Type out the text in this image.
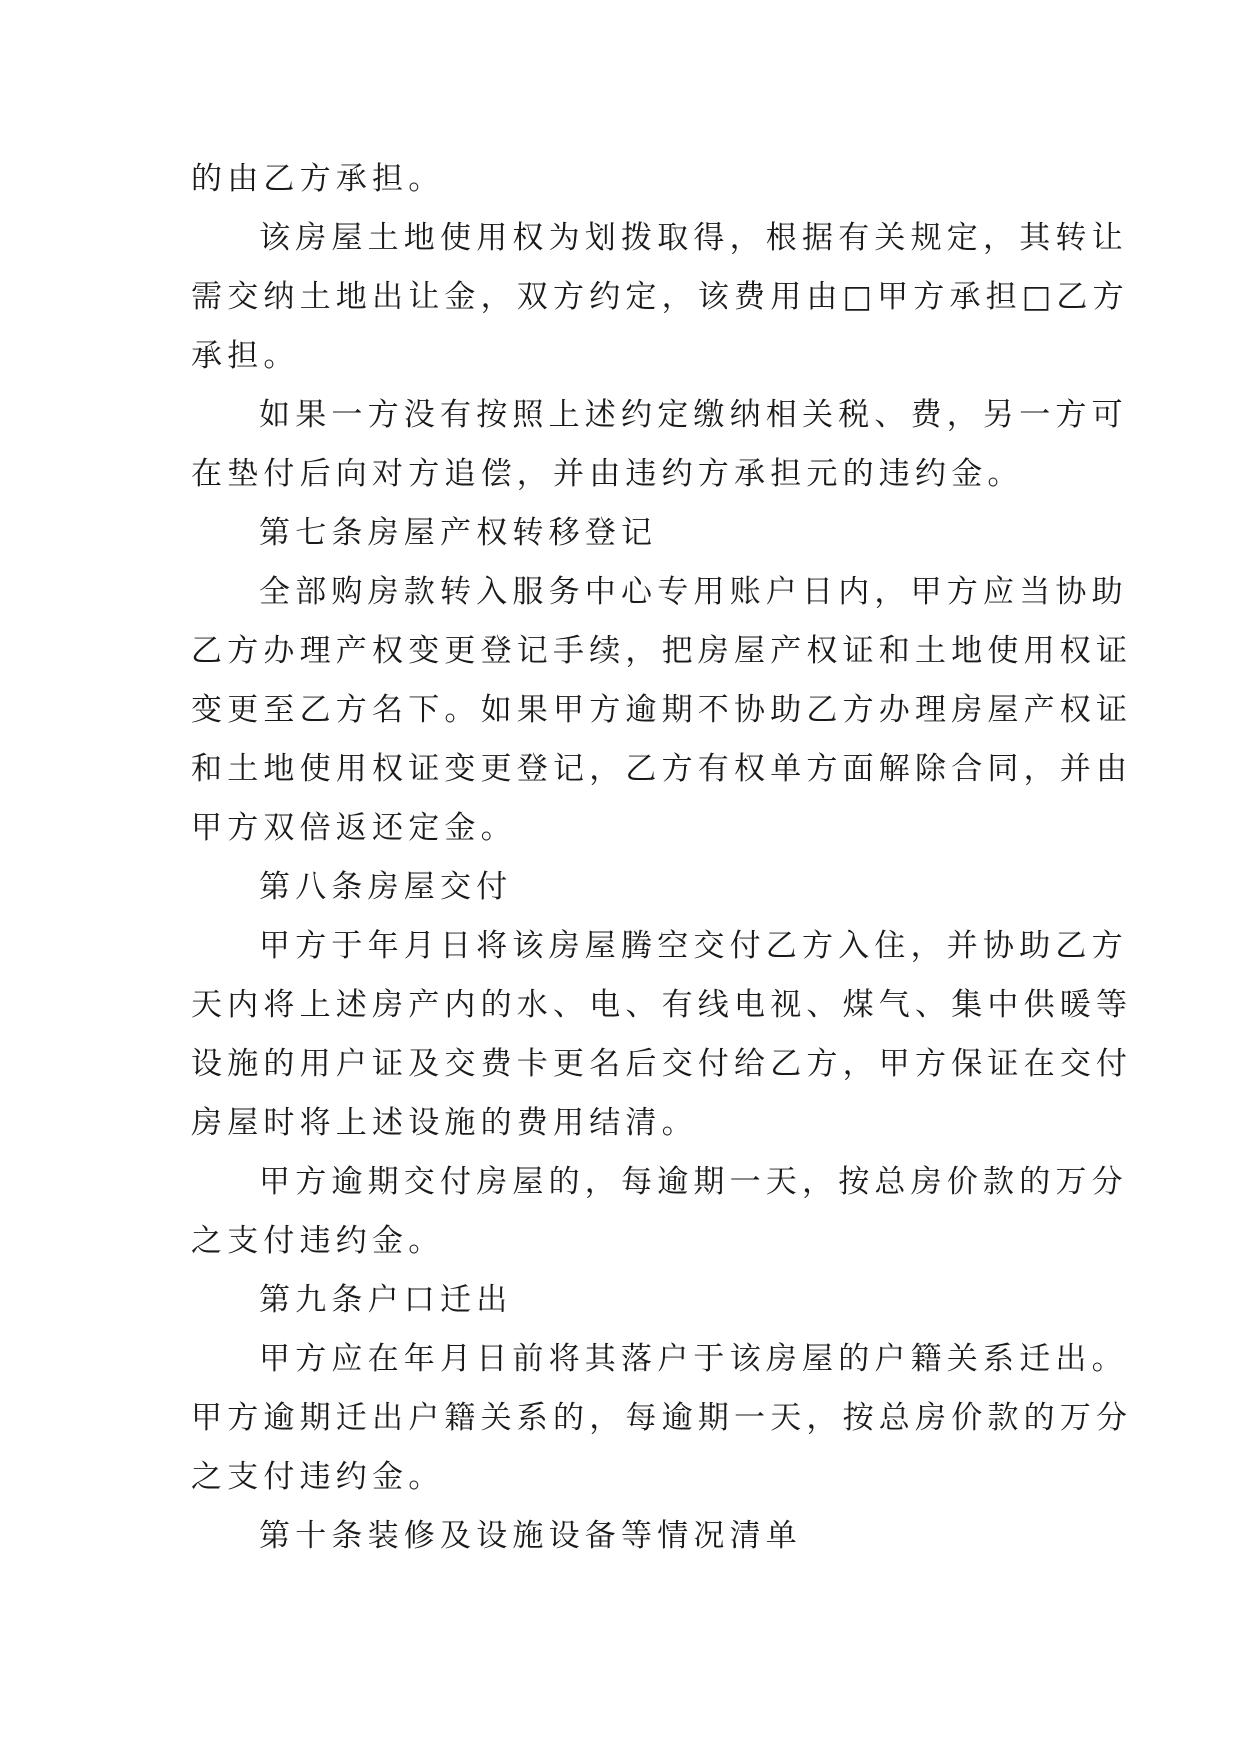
的由乙方承担。
该房屋土地使用权为划拨取得，根据有关规定，其转让
需交纳土地出让金，双方约定，该费用由□甲方承担□乙方
承担。
如果一方没有按照上述约定缴纳相关税、费，另一方可
在垫付后向对方追偿，并由违约方承担元的违约金。
第七条房屋产权转移登记
全部购房款转入服务中心专用账户日内，甲方应当协助
乙方办理产权变更登记手续，把房屋产权证和土地使用权证
变更至乙方名下。如果甲方逾期不协助乙方办理房屋产权证
和土地使用权证变更登记，乙方有权单方面解除合同，并由
甲方双倍返还定金。
第八条房屋交付
甲方于年月日将该房屋腾空交付乙方入住，并协助乙方
天内将上述房产内的水、电、有线电视、煤气、集中供暖等
设施的用户证及交费卡更名后交付给乙方，甲方保证在交付
房屋时将上述设施的费用结清。
甲方逾期交付房屋的，每逾期一天，按总房价款的万分
之支付违约金。
第九条户口迁出
甲方应在年月日前将其落户于该房屋的户籍关系迁出。
甲方逾期迁出户籍关系的，每逾期一天，按总房价款的万分
之支付违约金。
第十条装修及设施设备等情况清单
